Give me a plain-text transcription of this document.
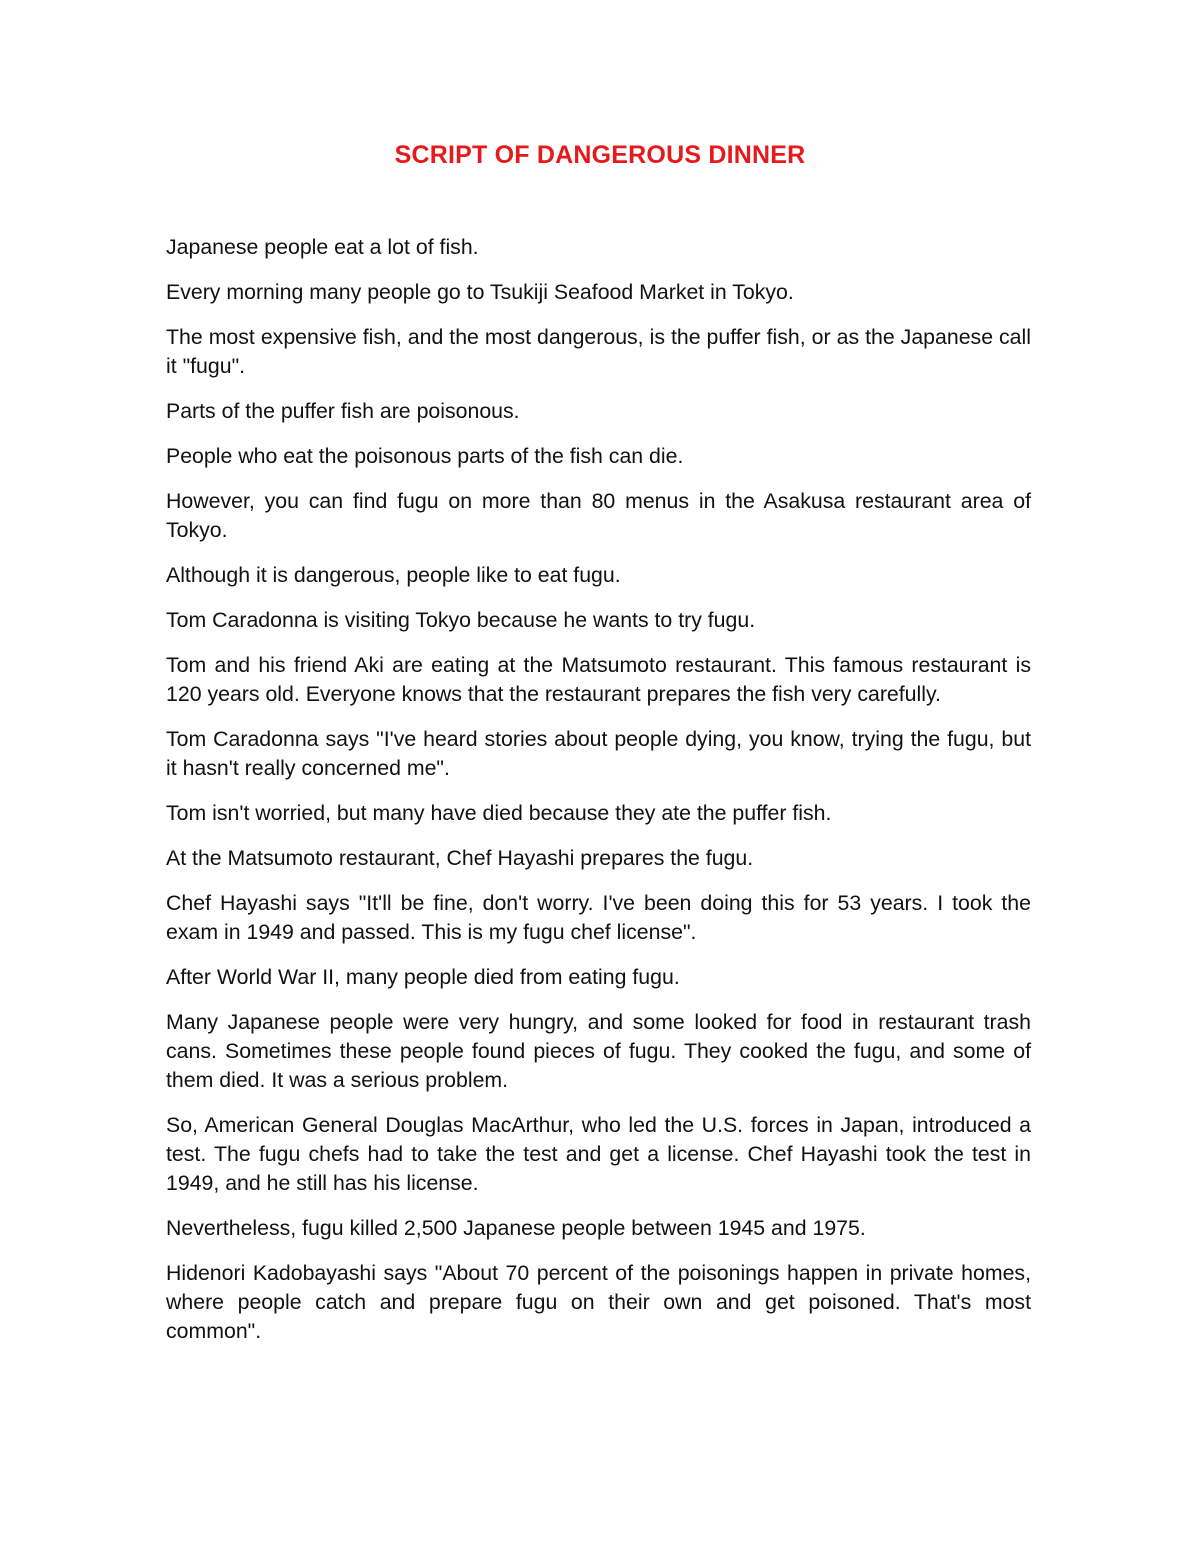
SCRIPT OF DANGEROUS DINNER

Japanese people eat a lot of fish.

Every morning many people go to Tsukiji Seafood Market in Tokyo.

The most expensive fish, and the most dangerous, is the puffer fish, or as the Japanese call it "fugu".

Parts of the puffer fish are poisonous.

People who eat the poisonous parts of the fish can die.

However, you can find fugu on more than 80 menus in the Asakusa restaurant area of Tokyo.

Although it is dangerous, people like to eat fugu.

Tom Caradonna is visiting Tokyo because he wants to try fugu.

Tom and his friend Aki are eating at the Matsumoto restaurant. This famous restaurant is 120 years old. Everyone knows that the restaurant prepares the fish very carefully.

Tom Caradonna says "I've heard stories about people dying, you know, trying the fugu, but it hasn't really concerned me".

Tom isn't worried, but many have died because they ate the puffer fish.

At the Matsumoto restaurant, Chef Hayashi prepares the fugu.

Chef Hayashi says "It'll be fine, don't worry. I've been doing this for 53 years. I took the exam in 1949 and passed. This is my fugu chef license".

After World War II, many people died from eating fugu.

Many Japanese people were very hungry, and some looked for food in restaurant trash cans. Sometimes these people found pieces of fugu. They cooked the fugu, and some of them died. It was a serious problem.

So, American General Douglas MacArthur, who led the U.S. forces in Japan, introduced a test. The fugu chefs had to take the test and get a license. Chef Hayashi took the test in 1949, and he still has his license.

Nevertheless, fugu killed 2,500 Japanese people between 1945 and 1975.

Hidenori Kadobayashi says "About 70 percent of the poisonings happen in private homes, where people catch and prepare fugu on their own and get poisoned. That's most common".
